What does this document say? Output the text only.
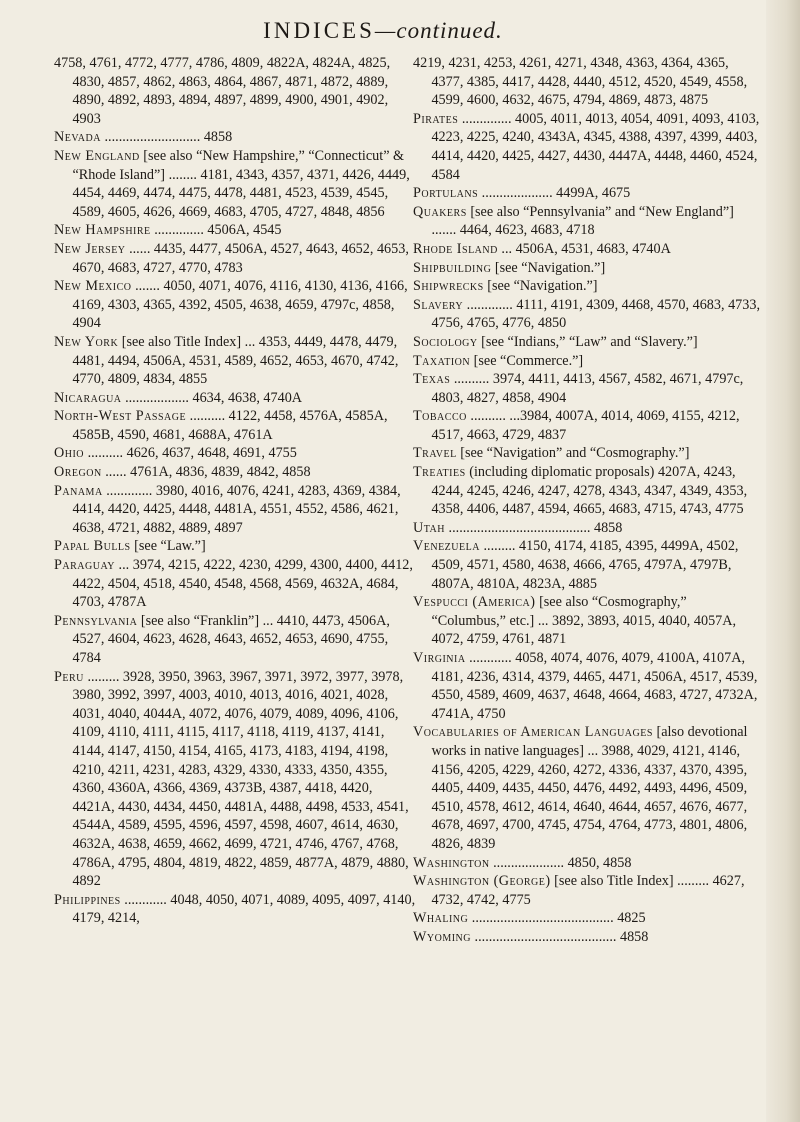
INDICES—continued.

4758, 4761, 4772, 4777, 4786, 4809, 4822A, 4824A, 4825, 4830, 4857, 4862, 4863, 4864, 4867, 4871, 4872, 4889, 4890, 4892, 4893, 4894, 4897, 4899, 4900, 4901, 4902, 4903

Nevada ........................... 4858

New England [see also “New Hampshire,” “Connecticut” & “Rhode Island”] ........ 4181, 4343, 4357, 4371, 4426, 4449, 4454, 4469, 4474, 4475, 4478, 4481, 4523, 4539, 4545, 4589, 4605, 4626, 4669, 4683, 4705, 4727, 4848, 4856

New Hampshire .............. 4506A, 4545

New Jersey ...... 4435, 4477, 4506A, 4527, 4643, 4652, 4653, 4670, 4683, 4727, 4770, 4783

New Mexico ....... 4050, 4071, 4076, 4116, 4130, 4136, 4166, 4169, 4303, 4365, 4392, 4505, 4638, 4659, 4797c, 4858, 4904

New York [see also Title Index] ... 4353, 4449, 4478, 4479, 4481, 4494, 4506A, 4531, 4589, 4652, 4653, 4670, 4742, 4770, 4809, 4834, 4855

Nicaragua .................. 4634, 4638, 4740A

North-West Passage .......... 4122, 4458, 4576A, 4585A, 4585B, 4590, 4681, 4688A, 4761A

Ohio .......... 4626, 4637, 4648, 4691, 4755

Oregon ...... 4761A, 4836, 4839, 4842, 4858

Panama ............. 3980, 4016, 4076, 4241, 4283, 4369, 4384, 4414, 4420, 4425, 4448, 4481A, 4551, 4552, 4586, 4621, 4638, 4721, 4882, 4889, 4897

Papal Bulls [see “Law.”]

Paraguay ... 3974, 4215, 4222, 4230, 4299, 4300, 4400, 4412, 4422, 4504, 4518, 4540, 4548, 4568, 4569, 4632A, 4684, 4703, 4787A

Pennsylvania [see also “Franklin”] ... 4410, 4473, 4506A, 4527, 4604, 4623, 4628, 4643, 4652, 4653, 4690, 4755, 4784

Peru ......... 3928, 3950, 3963, 3967, 3971, 3972, 3977, 3978, 3980, 3992, 3997, 4003, 4010, 4013, 4016, 4021, 4028, 4031, 4040, 4044A, 4072, 4076, 4079, 4089, 4096, 4106, 4109, 4110, 4111, 4115, 4117, 4118, 4119, 4137, 4141, 4144, 4147, 4150, 4154, 4165, 4173, 4183, 4194, 4198, 4210, 4211, 4231, 4283, 4329, 4330, 4333, 4350, 4355, 4360, 4360A, 4366, 4369, 4373B, 4387, 4418, 4420, 4421A, 4430, 4434, 4450, 4481A, 4488, 4498, 4533, 4541, 4544A, 4589, 4595, 4596, 4597, 4598, 4607, 4614, 4630, 4632A, 4638, 4659, 4662, 4699, 4721, 4746, 4767, 4768, 4786A, 4795, 4804, 4819, 4822, 4859, 4877A, 4879, 4880, 4892

Philippines ............ 4048, 4050, 4071, 4089, 4095, 4097, 4140, 4179, 4214,

4219, 4231, 4253, 4261, 4271, 4348, 4363, 4364, 4365, 4377, 4385, 4417, 4428, 4440, 4512, 4520, 4549, 4558, 4599, 4600, 4632, 4675, 4794, 4869, 4873, 4875

Pirates .............. 4005, 4011, 4013, 4054, 4091, 4093, 4103, 4223, 4225, 4240, 4343A, 4345, 4388, 4397, 4399, 4403, 4414, 4420, 4425, 4427, 4430, 4447A, 4448, 4460, 4524, 4584

Portulans .................... 4499A, 4675

Quakers [see also “Pennsylvania” and “New England”] ....... 4464, 4623, 4683, 4718

Rhode Island ... 4506A, 4531, 4683, 4740A

Shipbuilding [see “Navigation.”]

Shipwrecks [see “Navigation.”]

Slavery ............. 4111, 4191, 4309, 4468, 4570, 4683, 4733, 4756, 4765, 4776, 4850

Sociology [see “Indians,” “Law” and “Slavery.”]

Taxation [see “Commerce.”]

Texas .......... 3974, 4411, 4413, 4567, 4582, 4671, 4797c, 4803, 4827, 4858, 4904

Tobacco .......... ...3984, 4007A, 4014, 4069, 4155, 4212, 4517, 4663, 4729, 4837

Travel [see “Navigation” and “Cosmography.”]

Treaties (including diplomatic proposals) 4207A, 4243, 4244, 4245, 4246, 4247, 4278, 4343, 4347, 4349, 4353, 4358, 4406, 4487, 4594, 4665, 4683, 4715, 4743, 4775

Utah ........................................ 4858

Venezuela ......... 4150, 4174, 4185, 4395, 4499A, 4502, 4509, 4571, 4580, 4638, 4666, 4765, 4797A, 4797B, 4807A, 4810A, 4823A, 4885

Vespucci (America) [see also “Cosmography,” “Columbus,” etc.] ... 3892, 3893, 4015, 4040, 4057A, 4072, 4759, 4761, 4871

Virginia ............ 4058, 4074, 4076, 4079, 4100A, 4107A, 4181, 4236, 4314, 4379, 4465, 4471, 4506A, 4517, 4539, 4550, 4589, 4609, 4637, 4648, 4664, 4683, 4727, 4732A, 4741A, 4750

Vocabularies of American Languages [also devotional works in native languages] ... 3988, 4029, 4121, 4146, 4156, 4205, 4229, 4260, 4272, 4336, 4337, 4370, 4395, 4405, 4409, 4435, 4450, 4476, 4492, 4493, 4496, 4509, 4510, 4578, 4612, 4614, 4640, 4644, 4657, 4676, 4677, 4678, 4697, 4700, 4745, 4754, 4764, 4773, 4801, 4806, 4826, 4839

Washington .................... 4850, 4858

Washington (George) [see also Title Index] ......... 4627, 4732, 4742, 4775

Whaling ........................................ 4825

Wyoming ........................................ 4858
